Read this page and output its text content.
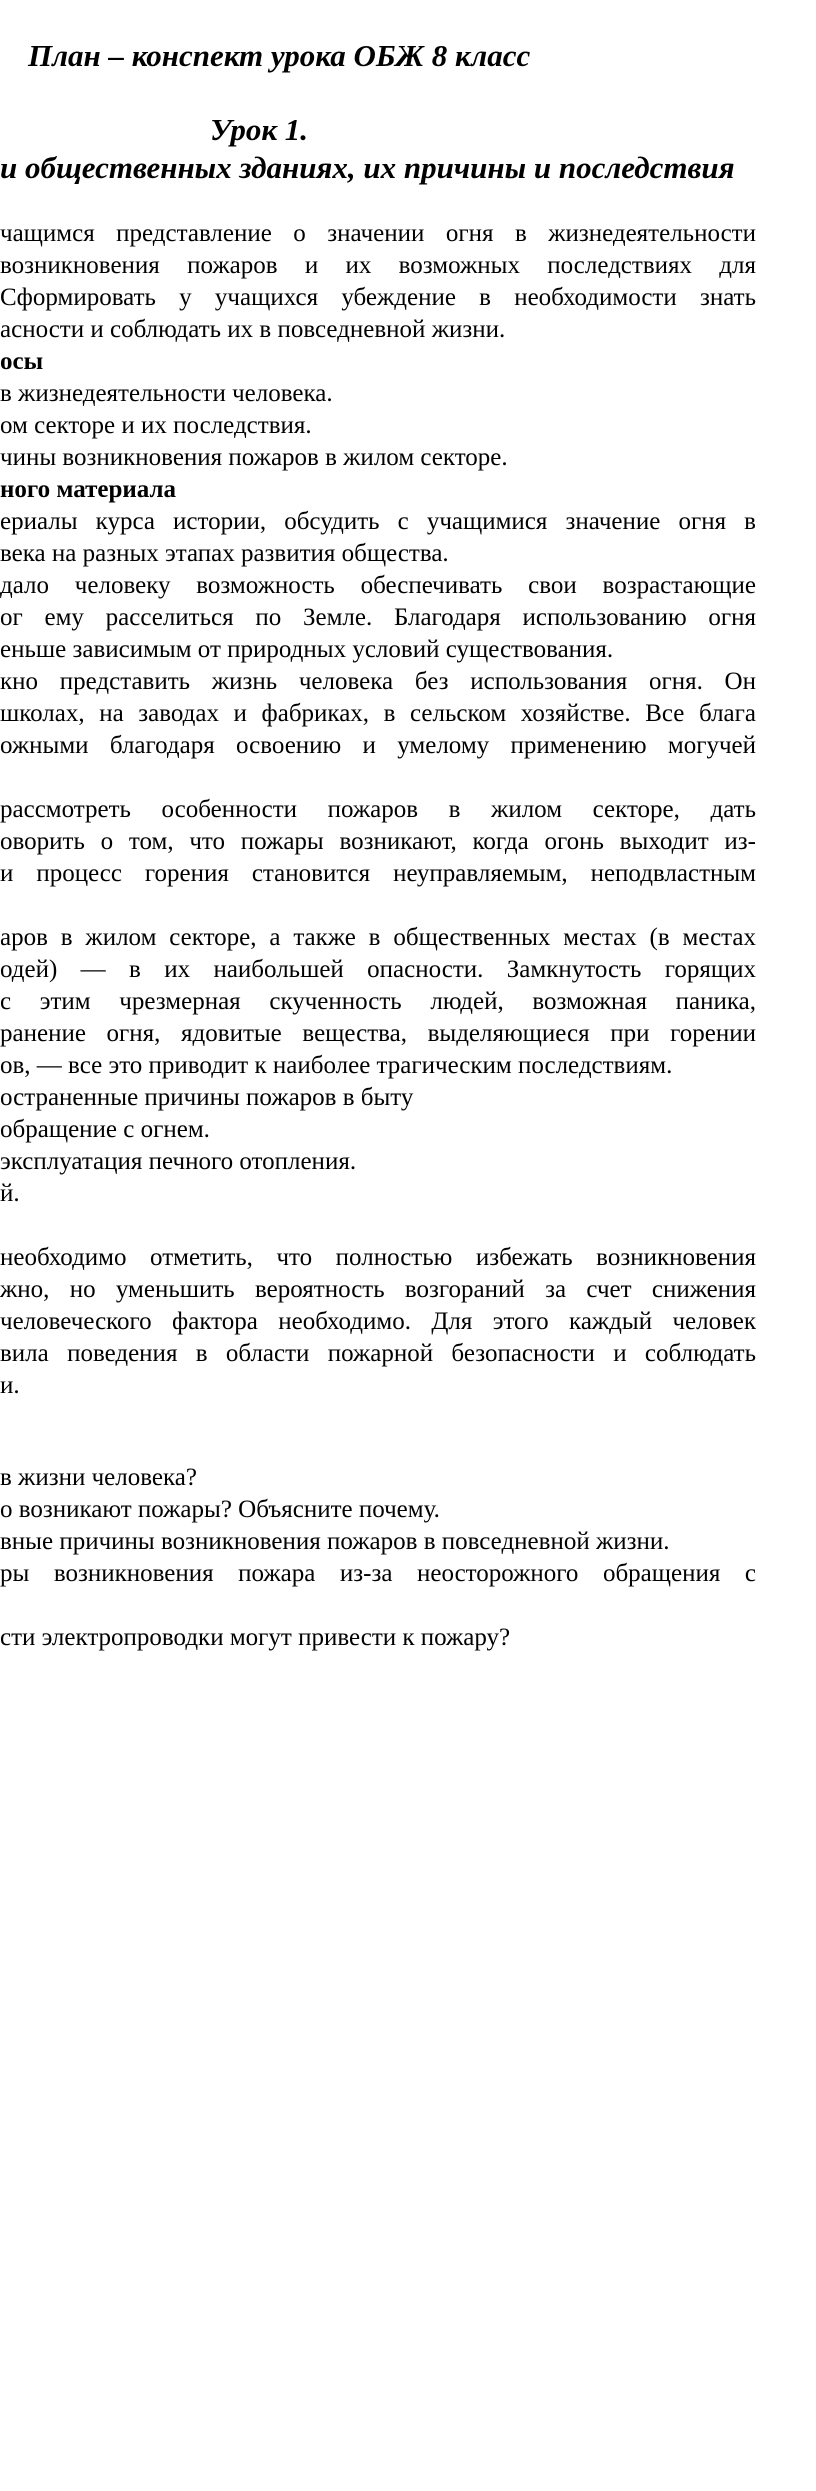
План – конспект урока ОБЖ 8 класс
Урок 1.
и общественных зданиях, их причины и последствия
чащимся представление о значении огня в жизнедеятельности
возникновения пожаров и их возможных последствиях для
Сформировать у учащихся убеждение в необходимости знать
асности и соблюдать их в повседневной жизни.
осы
в жизнедеятельности человека.
ом секторе и их последствия.
чины возникновения пожаров в жилом секторе.
ного материала
ериалы курса истории, обсудить с учащимися значение огня в
века на разных этапах развития общества.
дало человеку возможность обеспечивать свои возрастающие
ог ему расселиться по Земле. Благодаря использованию огня
еньше зависимым от природных условий существования.
кно представить жизнь человека без использования огня. Он
школах, на заводах и фабриках, в сельском хозяйстве. Все блага
ожными благодаря освоению и умелому применению могучей
рассмотреть особенности пожаров в жилом секторе, дать
оворить о том, что пожары возникают, когда огонь выходит из-
и процесс горения становится неуправляемым, неподвластным
аров в жилом секторе, а также в общественных местах (в местах
одей) — в их наибольшей опасности. Замкнутость горящих
с этим чрезмерная скученность людей, возможная паника,
ранение огня, ядовитые вещества, выделяющиеся при горении
ов, — все это приводит к наиболее трагическим последствиям.
остраненные причины пожаров в быту
обращение с огнем.
эксплуатация печного отопления.
й.
необходимо отметить, что полностью избежать возникновения
жно, но уменьшить вероятность возгораний за счет снижения
человеческого фактора необходимо. Для этого каждый человек
вила поведения в области пожарной безопасности и соблюдать
и.
в жизни человека?
о возникают пожары? Объясните почему.
вные причины возникновения пожаров в повседневной жизни.
ры возникновения пожара из-за неосторожного обращения с
сти электропроводки могут привести к пожару?
